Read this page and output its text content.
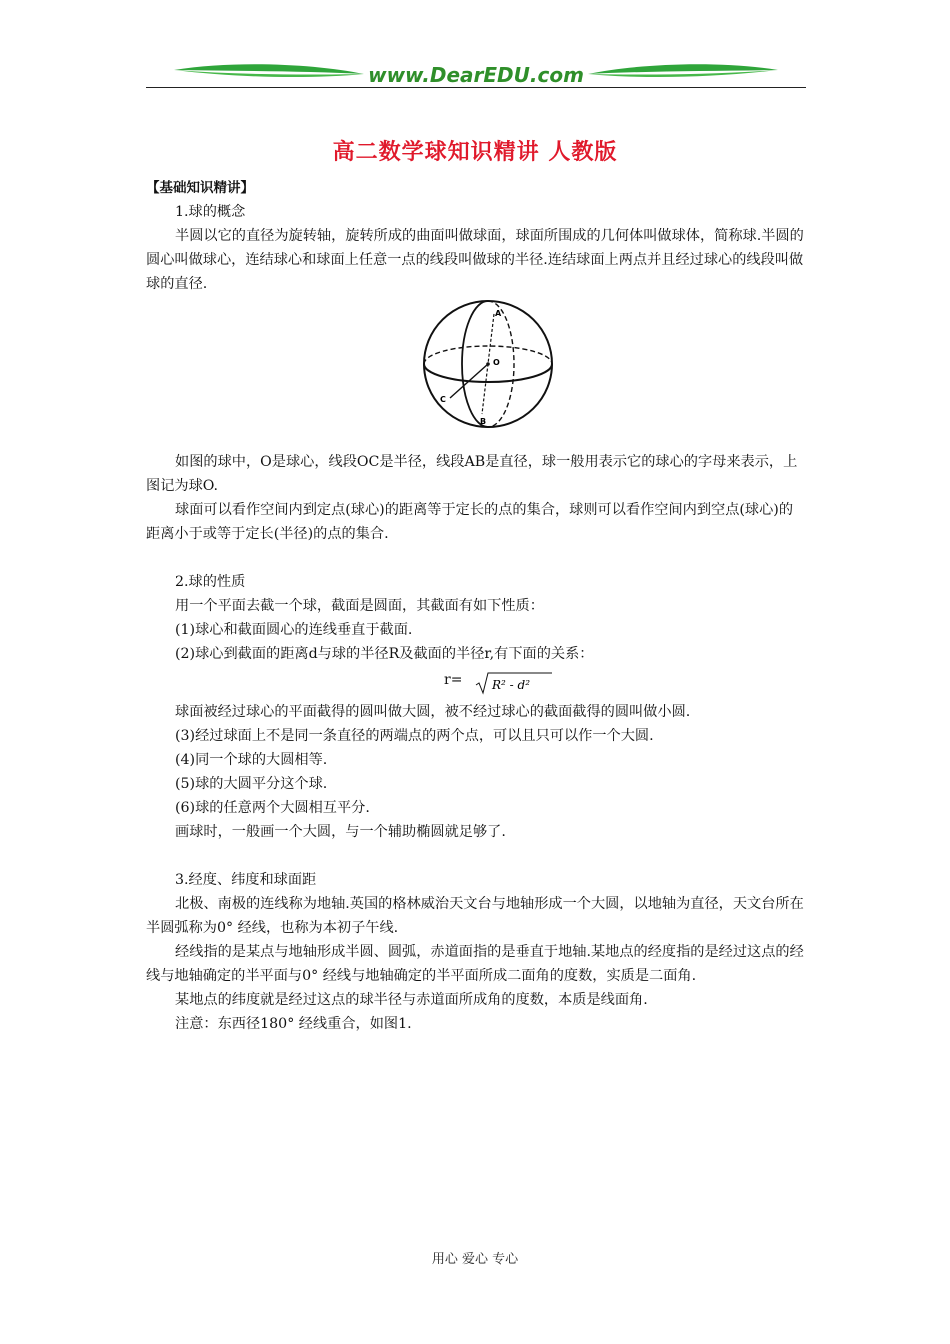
www.DearEDU.com
高二数学球知识精讲 人教版

【基础知识精讲】

1.球的概念

半圆以它的直径为旋转轴，旋转所成的曲面叫做球面，球面所围成的几何体叫做球体，简称球.半圆的圆心叫做球心，连结球心和球面上任意一点的线段叫做球的半径.连结球面上两点并且经过球心的线段叫做球的直径.

A
O
C
B

如图的球中，O是球心，线段OC是半径，线段AB是直径，球一般用表示它的球心的字母来表示，上图记为球O.

球面可以看作空间内到定点(球心)的距离等于定长的点的集合，球则可以看作空间内到空点(球心)的距离小于或等于定长(半径)的点的集合.

2.球的性质

用一个平面去截一个球，截面是圆面，其截面有如下性质：

(1)球心和截面圆心的连线垂直于截面.

(2)球心到截面的距离d与球的半径R及截面的半径r,有下面的关系：

r= R² - d²

球面被经过球心的平面截得的圆叫做大圆，被不经过球心的截面截得的圆叫做小圆.

(3)经过球面上不是同一条直径的两端点的两个点，可以且只可以作一个大圆.

(4)同一个球的大圆相等.

(5)球的大圆平分这个球.

(6)球的任意两个大圆相互平分.

画球时，一般画一个大圆，与一个辅助椭圆就足够了.

3.经度、纬度和球面距

北极、南极的连线称为地轴.英国的格林威治天文台与地轴形成一个大圆，以地轴为直径，天文台所在半圆弧称为0° 经线，也称为本初子午线.

经线指的是某点与地轴形成半圆、圆弧，赤道面指的是垂直于地轴.某地点的经度指的是经过这点的经线与地轴确定的半平面与0° 经线与地轴确定的半平面所成二面角的度数，实质是二面角.

某地点的纬度就是经过这点的球半径与赤道面所成角的度数，本质是线面角.

注意：东西径180° 经线重合，如图1.

用心 爱心 专心
